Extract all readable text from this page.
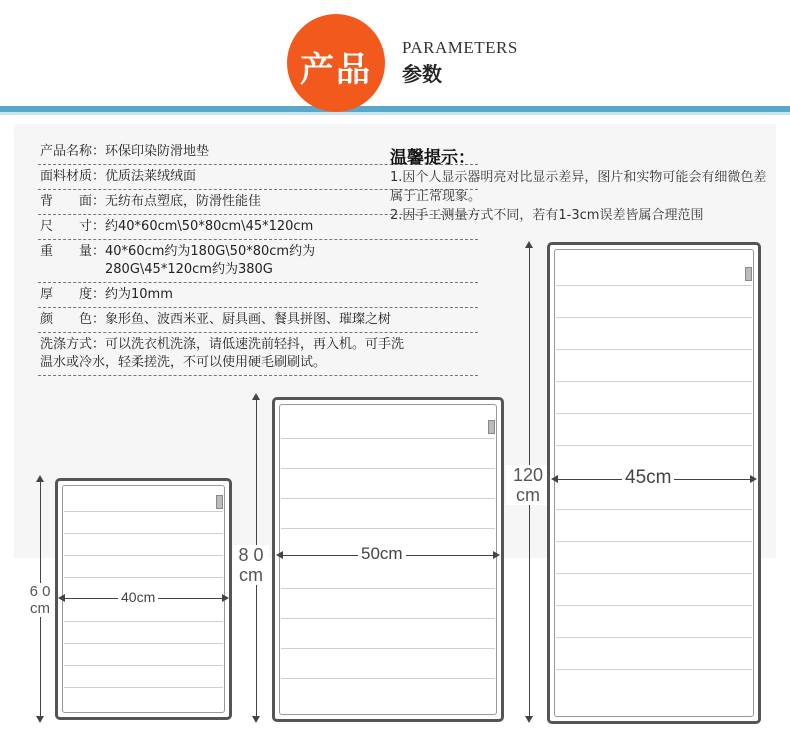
产品
PARAMETERS
参数
产品名称： 环保印染防滑地垫
面料材质： 优质法莱绒绒面
背　　面： 无纺布点塑底，防滑性能佳
尺　　寸： 约40*60cm\50*80cm\45*120cm
重　　量： 40*60cm约为180G\50*80cm约为
280G\45*120cm约为380G
厚　　度： 约为10mm
颜　　色： 象形鱼、波西米亚、厨具画、餐具拼图、璀璨之树
洗涤方式：可以洗衣机洗涤，请低速洗前轻抖，再入机。可手洗
温水或冷水，轻柔搓洗，不可以使用硬毛刷刷试。
温馨提示：
1.因个人显示器明亮对比显示差异，图片和实物可能会有细微色差属于正常现象。
2.因手工测量方式不同，若有1-3cm误差皆属合理范围
6 0
cm
40cm
8 0
cm
50cm
120
cm
45cm
